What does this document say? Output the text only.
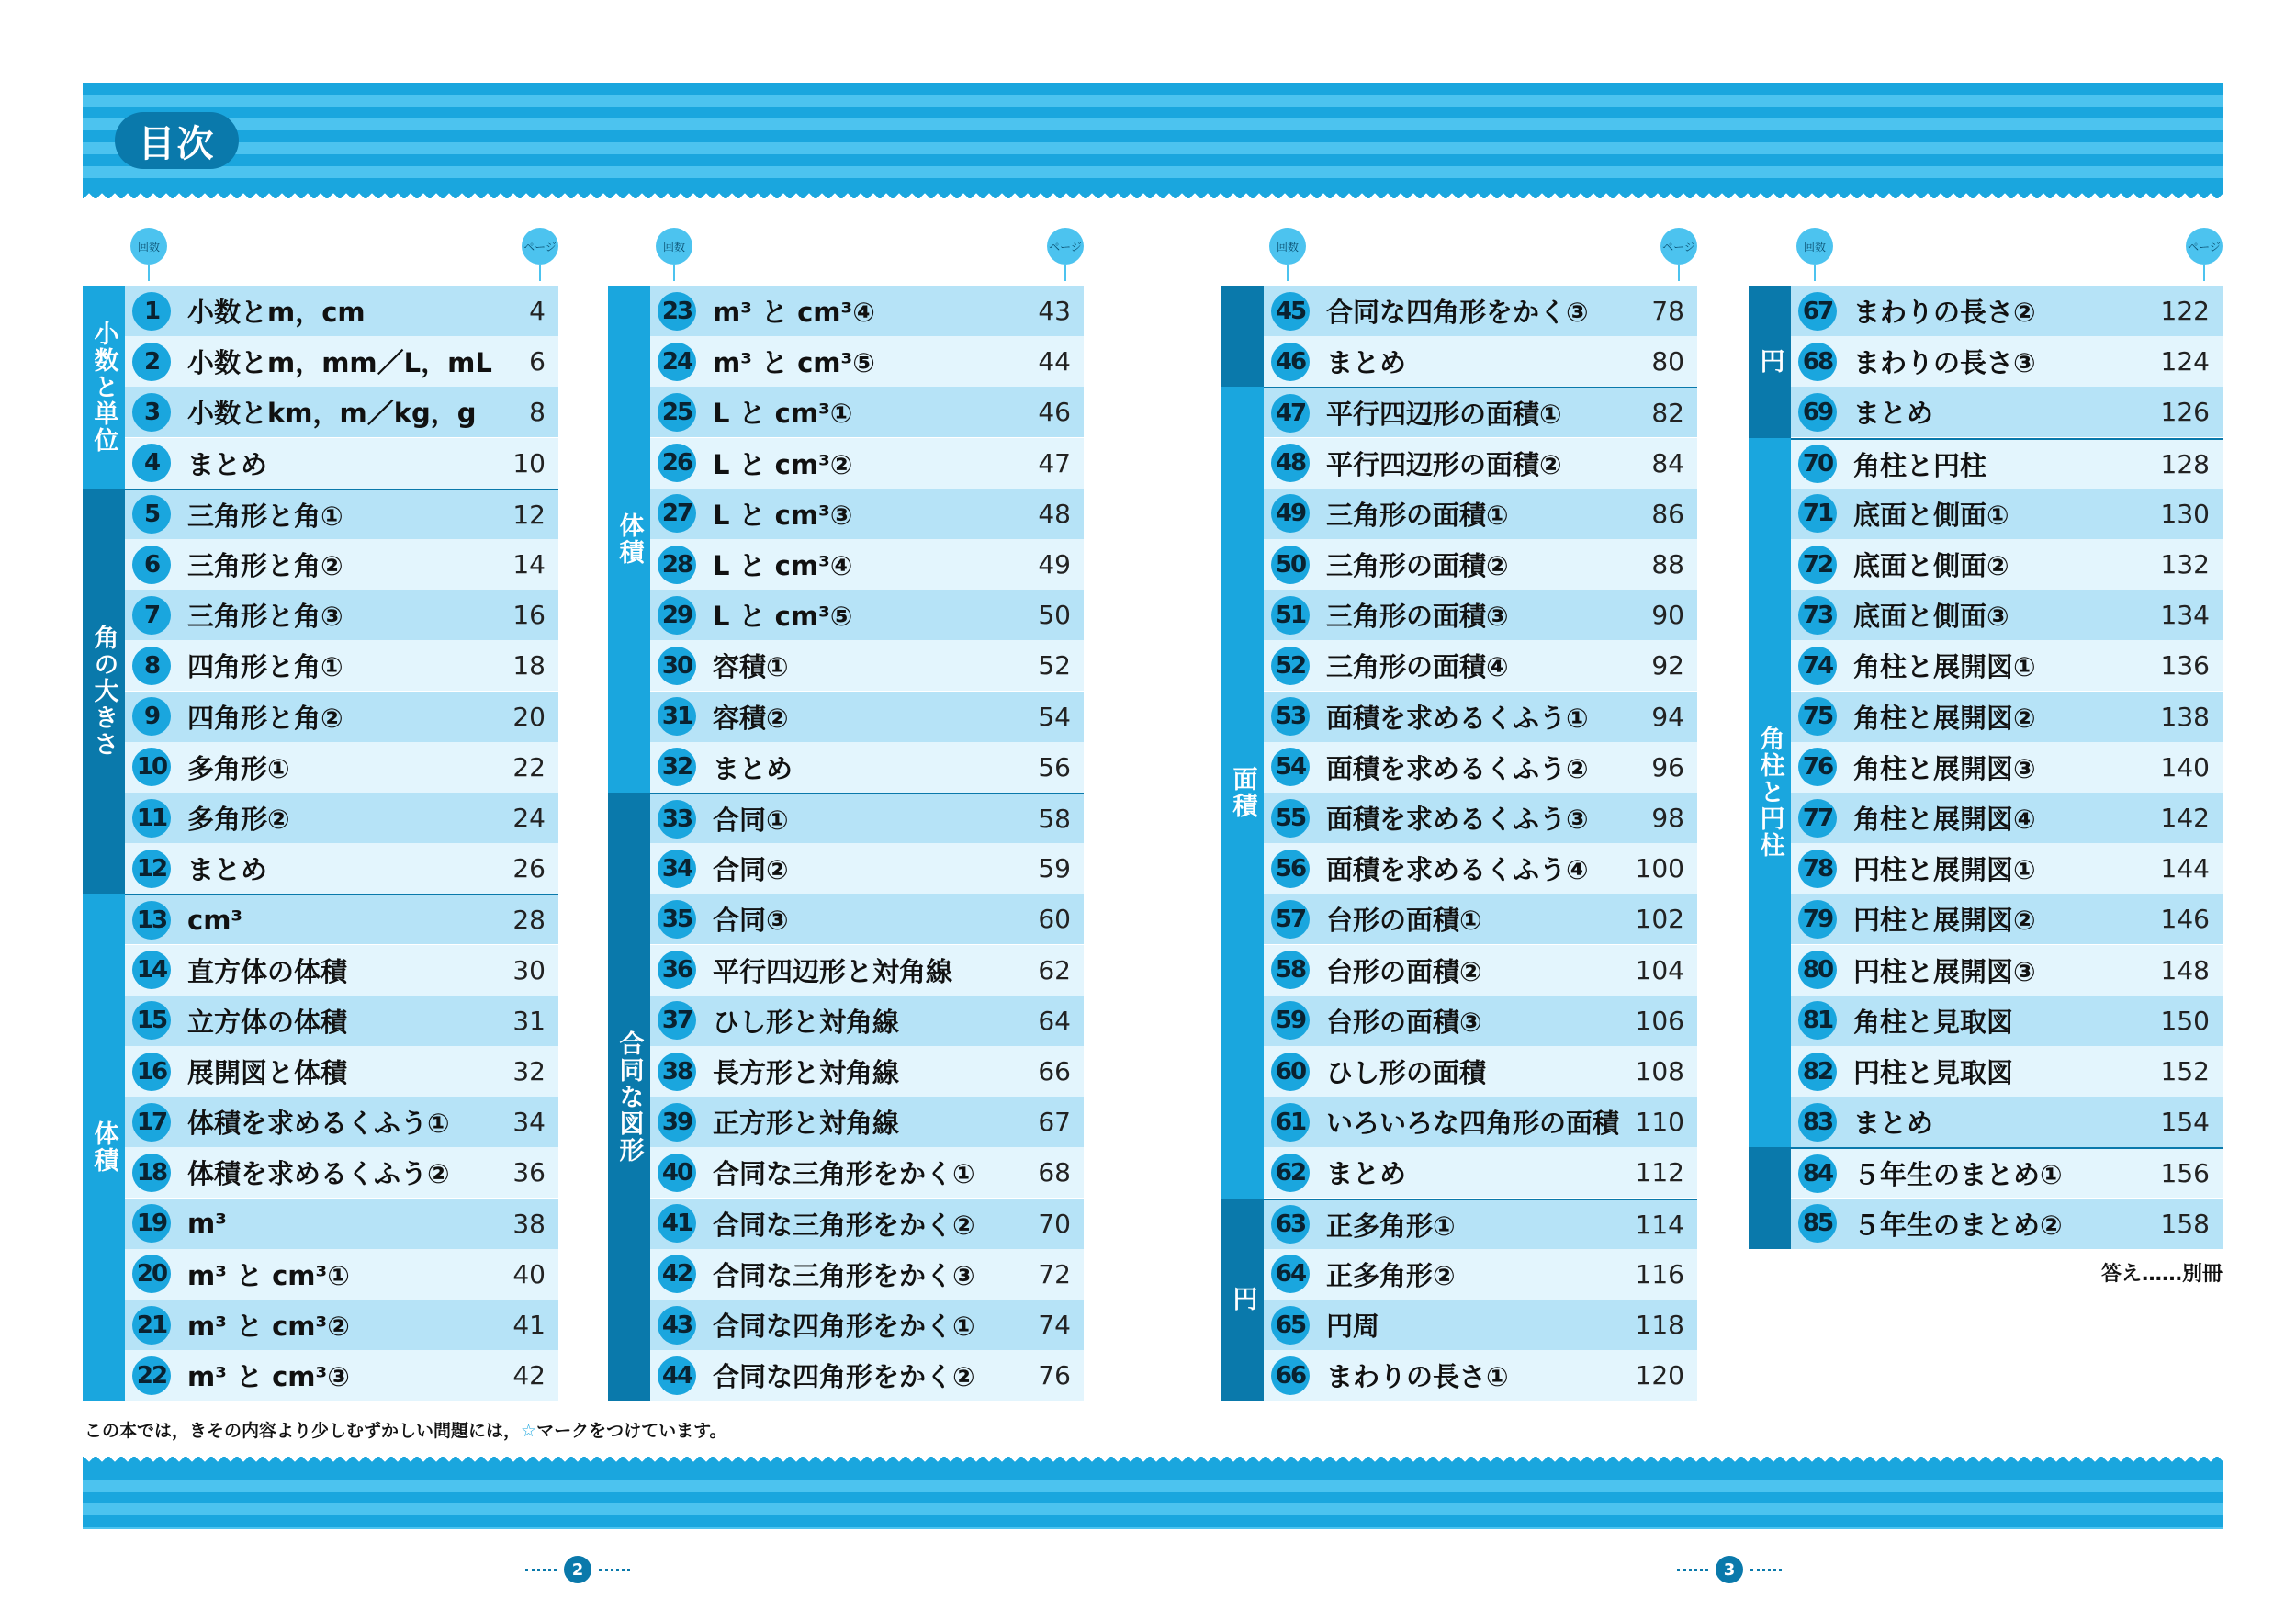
目次
回数	ページ
小数と単位
角の大きさ
体積
1	小数とm，cm	4
2	小数とm，mm／L，mL	6
3	小数とkm，m／kg，g	8
4	まとめ	10
5	三角形と角①	12
6	三角形と角②	14
7	三角形と角③	16
8	四角形と角①	18
9	四角形と角②	20
10 多角形①	22
11 多角形②	24
12 まとめ	26
13 cm³	28
14 直方体の体積	30
15 立方体の体積	31
16 展開図と体積	32
17 体積を求めるくふう①	34
18 体積を求めるくふう②	36
19 m³	38
20 m³ と cm³①	40
21 m³ と cm³②	41
22 m³ と cm³③	42
回数	ページ
体積
合同な図形
23 m³ と cm³④	43
24 m³ と cm³⑤	44
25 L と cm³①	46
26 L と cm³②	47
27 L と cm³③	48
28 L と cm³④	49
29 L と cm³⑤	50
30 容積①	52
31 容積②	54
32 まとめ	56
33 合同①	58
34 合同②	59
35 合同③	60
36 平行四辺形と対角線	62
37 ひし形と対角線	64
38 長方形と対角線	66
39 正方形と対角線	67
40 合同な三角形をかく①	68
41 合同な三角形をかく②	70
42 合同な三角形をかく③	72
43 合同な四角形をかく①	74
44 合同な四角形をかく②	76
回数	ページ
面積
円
45 合同な四角形をかく③	78
46 まとめ	80
47 平行四辺形の面積①	82
48 平行四辺形の面積②	84
49 三角形の面積①	86
50 三角形の面積②	88
51 三角形の面積③	90
52 三角形の面積④	92
53 面積を求めるくふう①	94
54 面積を求めるくふう②	96
55 面積を求めるくふう③	98
56 面積を求めるくふう④	100
57 台形の面積①	102
58 台形の面積②	104
59 台形の面積③	106
60 ひし形の面積	108
61 いろいろな四角形の面積 110
62 まとめ	112
63 正多角形①	114
64 正多角形②	116
65 円周	118
66 まわりの長さ①	120
回数	ページ
円
角柱と円柱
67 まわりの長さ②	122
68 まわりの長さ③	124
69 まとめ	126
70 角柱と円柱	128
71 底面と側面①	130
72 底面と側面②	132
73 底面と側面③	134
74 角柱と展開図①	136
75 角柱と展開図②	138
76 角柱と展開図③	140
77 角柱と展開図④	142
78 円柱と展開図①	144
79 円柱と展開図②	146
80 円柱と展開図③	148
81 角柱と見取図	150
82 円柱と見取図	152
83 まとめ	154
84 ５年生のまとめ①	156
85 ５年生のまとめ②	158
答え……別冊
この本では，きその内容より少しむずかしい問題には，☆マークをつけています。
2	3
